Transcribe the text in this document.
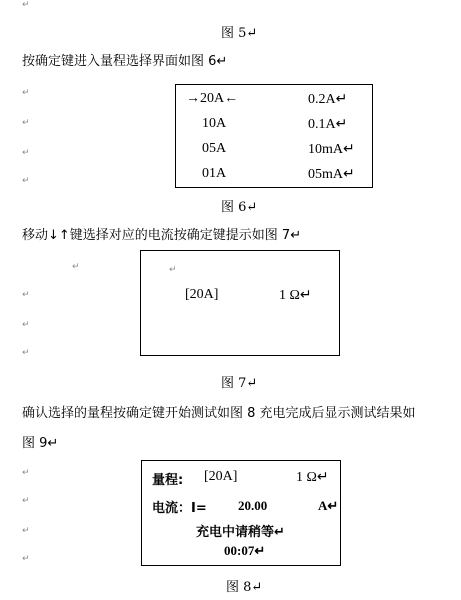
↵
图 5↵
按确定键进入量程选择界面如图 6↵
↵
↵
↵
↵
→20A←	0.2A↵
10A	0.1A↵
05A	10mA↵
01A	05mA↵
图 6↵
移动↓↑键选择对应的电流按确定键提示如图 7↵
↵
↵
↵
↵
↵
[20A]	1 Ω↵
图 7↵
确认选择的量程按确定键开始测试如图 8 充电完成后显示测试结果如
图 9↵
↵
↵
↵
↵
量程: [20A]	1 Ω↵
电流：I= 20.00	A↵
充电中请稍等↵
00:07↵
图 8↵
